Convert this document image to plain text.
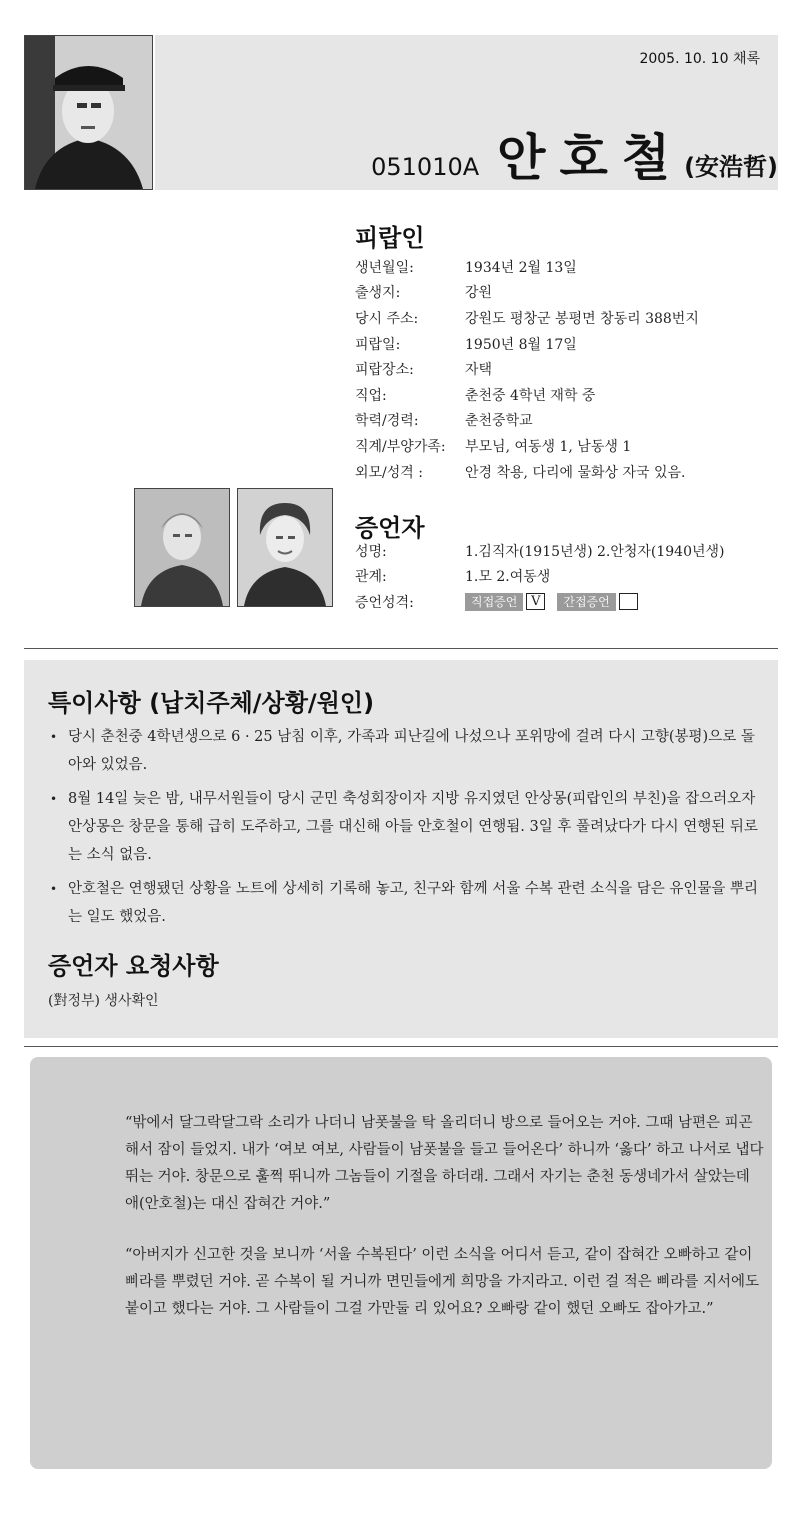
2005. 10. 10 채록
051010A 안호철 (安浩哲)
피랍인
생년월일:	1934년 2월 13일
출생지:	강원
당시 주소:	강원도 평창군 봉평면 창동리 388번지
피랍일:	1950년 8월 17일
피랍장소:	자택
직업:	춘천중 4학년 재학 중
학력/경력:	춘천중학교
직계/부양가족:	부모님, 여동생 1, 남동생 1
외모/성격 :	안경 착용, 다리에 물화상 자국 있음.
증언자
성명:	1.김직자(1915년생) 2.안청자(1940년생)
관계:	1.모 2.여동생
증언성격:	직접증언 V 간접증언
특이사항 (납치주체/상황/원인)
• 당시 춘천중 4학년생으로 6 · 25 남침 이후, 가족과 피난길에 나섰으나 포위망에 걸려 다시 고향(봉평)으로 돌아와 있었음.
• 8월 14일 늦은 밤, 내무서원들이 당시 군민 축성회장이자 지방 유지였던 안상몽(피랍인의 부친)을 잡으러오자 안상몽은 창문을 통해 급히 도주하고, 그를 대신해 아들 안호철이 연행됨. 3일 후 풀려났다가 다시 연행된 뒤로는 소식 없음.
• 안호철은 연행됐던 상황을 노트에 상세히 기록해 놓고, 친구와 함께 서울 수복 관련 소식을 담은 유인물을 뿌리는 일도 했었음.
증언자 요청사항
(對정부) 생사확인
“밖에서 달그락달그락 소리가 나더니 남폿불을 탁 올리더니 방으로 들어오는 거야. 그때 남편은 피곤해서 잠이 들었지. 내가 ‘여보 여보, 사람들이 남폿불을 들고 들어온다’ 하니까 ‘옳다’ 하고 나서로 냅다 뛰는 거야. 창문으로 훌쩍 뛰니까 그놈들이 기절을 하더래. 그래서 자기는 춘천 동생네가서 살았는데 애(안호철)는 대신 잡혀간 거야.”
“아버지가 신고한 것을 보니까 ‘서울 수복된다’ 이런 소식을 어디서 듣고, 같이 잡혀간 오빠하고 같이 삐라를 뿌렸던 거야. 곧 수복이 될 거니까 면민들에게 희망을 가지라고. 이런 걸 적은 삐라를 지서에도 붙이고 했다는 거야. 그 사람들이 그걸 가만둘 리 있어요? 오빠랑 같이 했던 오빠도 잡아가고.”
